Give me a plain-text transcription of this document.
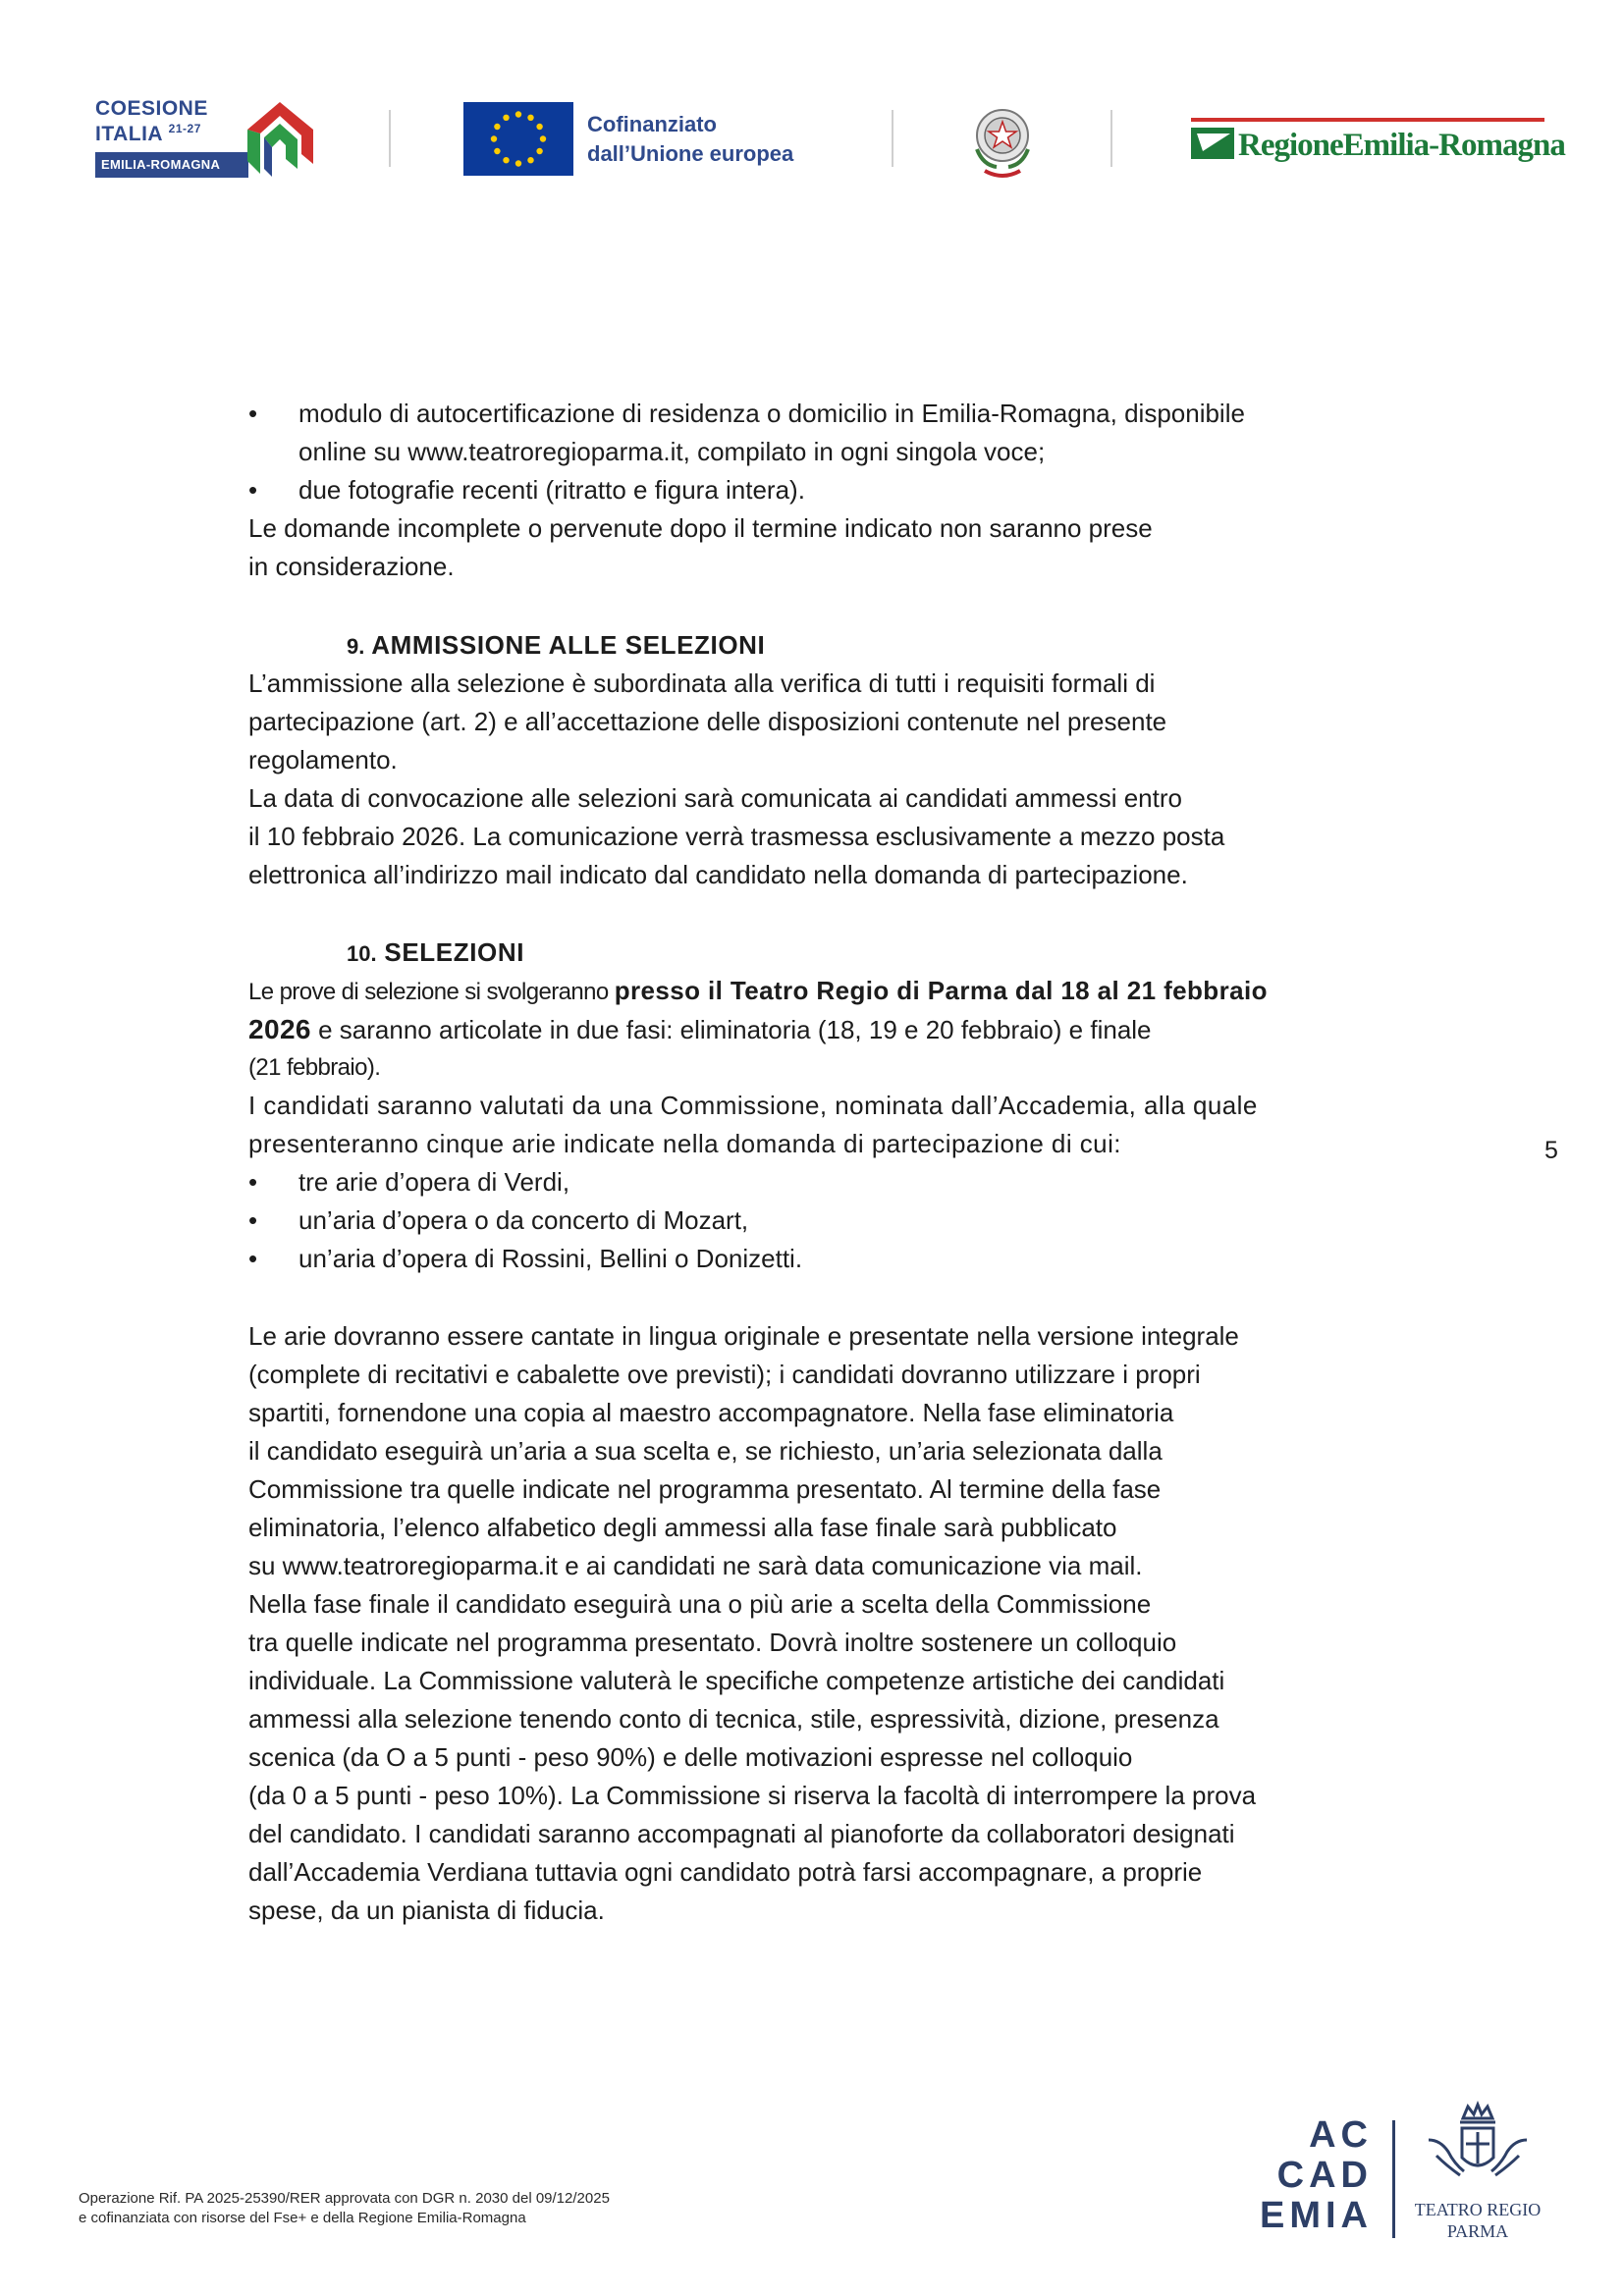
COESIONE
ITALIA $^{21-27}$
EMILIA-ROMAGNA
Cofinanziato
dall’Unione europea	RegioneEmilia-Romagna
• modulo di autocertificazione di residenza o domicilio in Emilia-Romagna, disponibile
online su www.teatroregioparma.it, compilato in ogni singola voce;
• due fotografie recenti (ritratto e figura intera).
Le domande incomplete o pervenute dopo il termine indicato non saranno prese
in considerazione.
9. AMMISSIONE ALLE SELEZIONI
L’ammissione alla selezione è subordinata alla verifica di tutti i requisiti formali di
partecipazione (art. 2) e all’accettazione delle disposizioni contenute nel presente
regolamento.
La data di convocazione alle selezioni sarà comunicata ai candidati ammessi entro
il 10 febbraio 2026. La comunicazione verrà trasmessa esclusivamente a mezzo posta
elettronica all’indirizzo mail indicato dal candidato nella domanda di partecipazione.
10. SELEZIONI
Le prove di selezione si svolgeranno presso il Teatro Regio di Parma dal 18 al 21 febbraio
2026 e saranno articolate in due fasi: eliminatoria (18, 19 e 20 febbraio) e finale
(21 febbraio).
I candidati saranno valutati da una Commissione, nominata dall’Accademia, alla quale
presenteranno cinque arie indicate nella domanda di partecipazione di cui:
• tre arie d’opera di Verdi,
• un’aria d’opera o da concerto di Mozart,
• un’aria d’opera di Rossini, Bellini o Donizetti.
Le arie dovranno essere cantate in lingua originale e presentate nella versione integrale
(complete di recitativi e cabalette ove previsti); i candidati dovranno utilizzare i propri
spartiti, fornendone una copia al maestro accompagnatore. Nella fase eliminatoria
il candidato eseguirà un’aria a sua scelta e, se richiesto, un’aria selezionata dalla
Commissione tra quelle indicate nel programma presentato. Al termine della fase
eliminatoria, l’elenco alfabetico degli ammessi alla fase finale sarà pubblicato
su www.teatroregioparma.it e ai candidati ne sarà data comunicazione via mail.
Nella fase finale il candidato eseguirà una o più arie a scelta della Commissione
tra quelle indicate nel programma presentato. Dovrà inoltre sostenere un colloquio
individuale. La Commissione valuterà le specifiche competenze artistiche dei candidati
ammessi alla selezione tenendo conto di tecnica, stile, espressività, dizione, presenza
scenica (da O a 5 punti - peso 90%) e delle motivazioni espresse nel colloquio
(da 0 a 5 punti - peso 10%). La Commissione si riserva la facoltà di interrompere la prova
del candidato. I candidati saranno accompagnati al pianoforte da collaboratori designati
dall’Accademia Verdiana tuttavia ogni candidato potrà farsi accompagnare, a proprie
spese, da un pianista di fiducia.
5
Operazione Rif. PA 2025-25390/RER approvata con DGR n. 2030 del 09/12/2025
e cofinanziata con risorse del Fse+ e della Regione Emilia-Romagna
AC
CAD
EMIA	TEATRO REGIO
PARMA
